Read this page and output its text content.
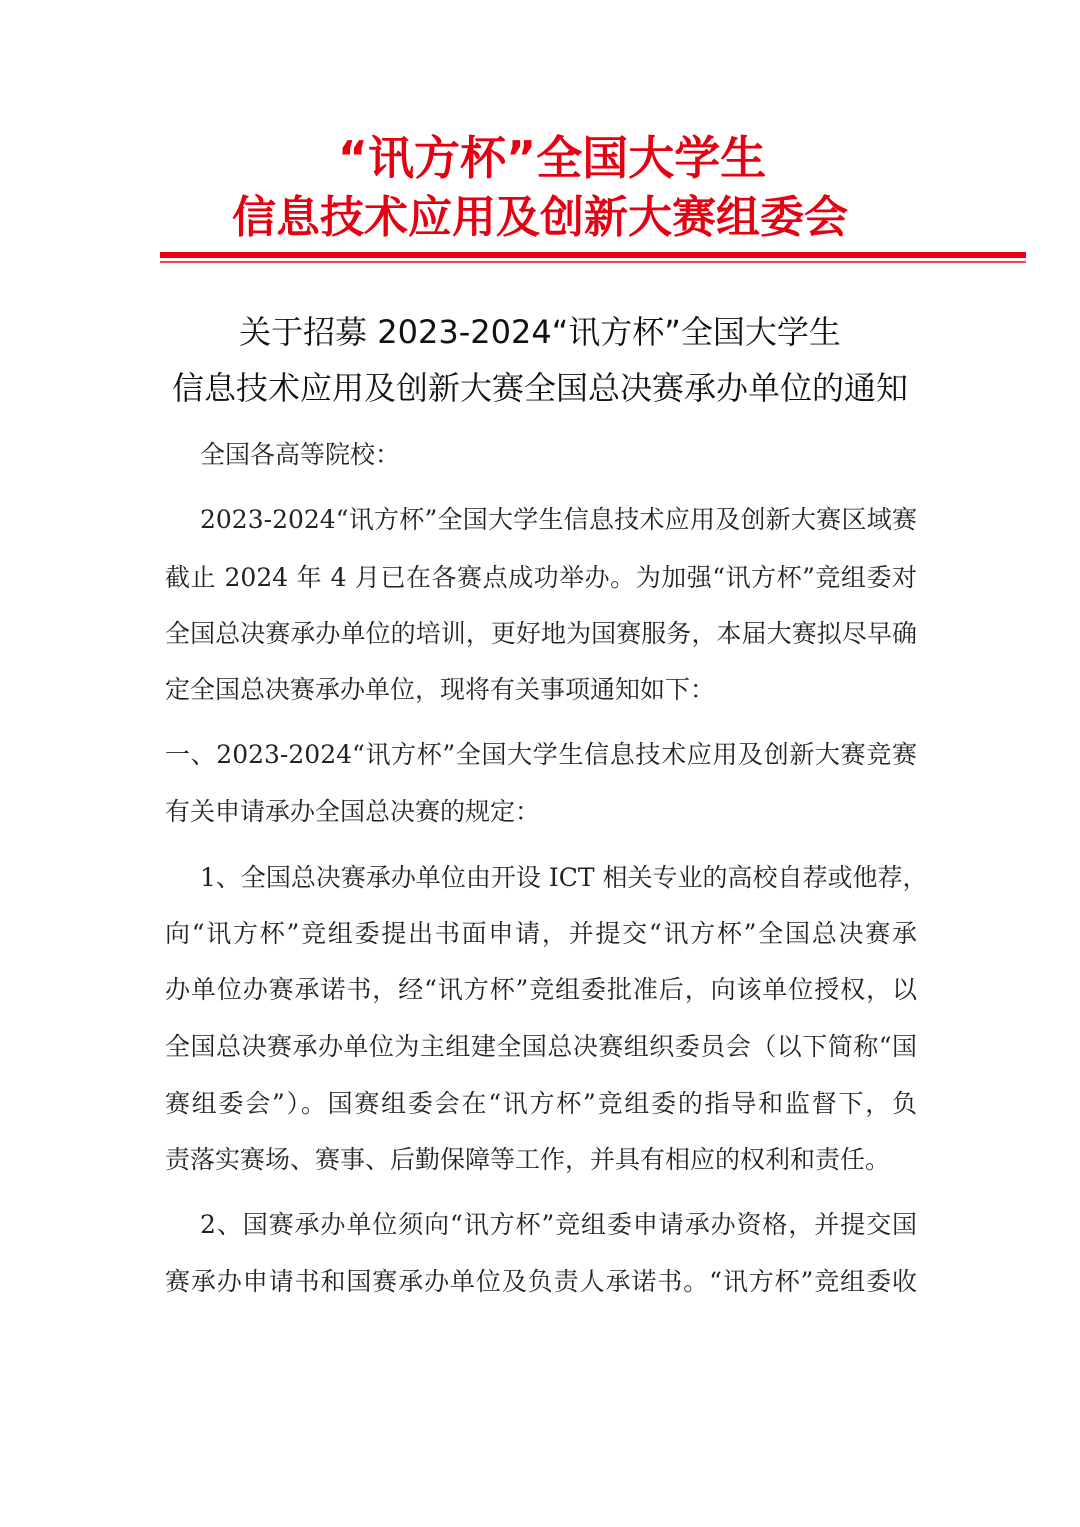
“讯方杯”全国大学生
信息技术应用及创新大赛组委会
关于招募 2023-2024“讯方杯”全国大学生
信息技术应用及创新大赛全国总决赛承办单位的通知
全国各高等院校：
2023-2024“讯方杯”全国大学生信息技术应用及创新大赛区域赛
截止 2024 年 4 月已在各赛点成功举办。为加强“讯方杯”竞组委对
全国总决赛承办单位的培训，更好地为国赛服务，本届大赛拟尽早确
定全国总决赛承办单位，现将有关事项通知如下：
一、2023-2024“讯方杯”全国大学生信息技术应用及创新大赛竞赛
有关申请承办全国总决赛的规定：
1、全国总决赛承办单位由开设 ICT 相关专业的高校自荐或他荐，
向“讯方杯”竞组委提出书面申请，并提交“讯方杯”全国总决赛承
办单位办赛承诺书，经“讯方杯”竞组委批准后，向该单位授权，以
全国总决赛承办单位为主组建全国总决赛组织委员会（以下简称“国
赛组委会”）。国赛组委会在“讯方杯”竞组委的指导和监督下，负
责落实赛场、赛事、后勤保障等工作，并具有相应的权利和责任。
2、国赛承办单位须向“讯方杯”竞组委申请承办资格，并提交国
赛承办申请书和国赛承办单位及负责人承诺书。“讯方杯”竞组委收
